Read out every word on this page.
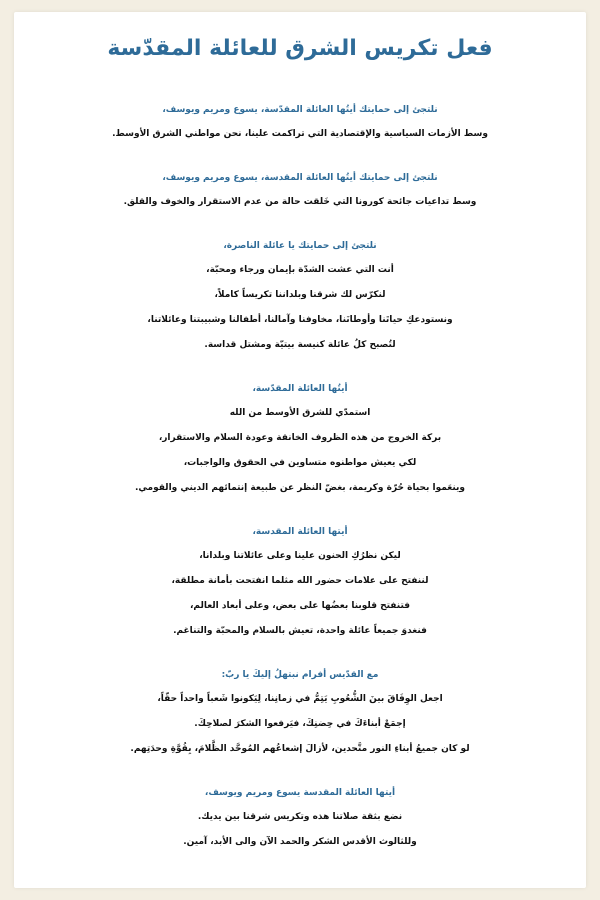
فعل تكريس الشرق للعائلة المقدّسة
نلتجئ إلى حمايتك أيتُها العائلة المقدّسة، يسوع ومريم ويوسف،
وسط الأزمات السياسية والإقتصادية التي تراكمت علينا، نحن مواطني الشرق الأوسط.
نلتجئ إلى حمايتك أيتُها العائلة المقدسة، يسوع ومريم ويوسف،
وسط تداعيات جائحة كورونا التي خَلقت حالة من عدم الاستقرار والخوف والقلق.
نلتجئ إلى حمايتك يا عائلة الناصرة،
أنت التي عشت الشدّة بإيمان ورجاء ومحبّة،
لنكرّس لك شرقنا وبلداننا تكريساً كاملاً،
ونستودعكِ حياتَنا وأوطانَنا، مخاوفنا وآمالنا، أطفالنا وشبيبتنا وعائلاتنا،
لتُصبح كلُ عائلة كنيسة بيتيّة ومشتل قداسة.
أيتُها العائلة المقدّسة،
استمدّي للشرق الأوسط من الله
بركة الخروج من هذه الظروف الخانقة وعودة السلام والاستقرار،
لكي يعيش مواطنوه متساوين في الحقوق والواجبات،
وينعَموا بحياة حُرّة وكريمة، بغضّ النظر عن طبيعة إنتمائهم الديني والقومي.
أيتها العائلة المقدسة،
ليكن نظرُكِ الحنون علينا وعلى عائلاتنا وبلدانا،
لننفتح على علامات حضور الله مثلما انفتحت بأمانة مطلقة،
فتنفتح قلوبنا بعضُها على بعض، وعلى أبعاد العالم،
فنغدوَ جميعاً عائلة واحدة، تعيش بالسلام والمحبّة والتناغم.
مع القدّيس أفرام نبتهلُ إليكَ يا ربّ:
اجعل الوِفَاقَ بينَ الشُّعُوبِ يَتِمُّ في زمانِنا، لِيَكونوا شَعباً واحداً حقّاً،
إجمَعْ أبناءَكَ في حِضنِكَ، فيَرفعوا الشكرَ لصلاحِكَ.
لو كان جميعُ أبناءِ النور متَّحدين، لأزالَ إشعاعُهم المُوحَّد الظَّلامَ، بِقُوَّةِ وحدَتِهم.
أيتها العائلة المقدسة يسوع ومريم ويوسف،
نضع بثقة صلاتنا هذه وتكريس شرقنا بين يديك.
وللثالوث الأقدس الشكر والحمد الآن والى الأبد، آمين.
